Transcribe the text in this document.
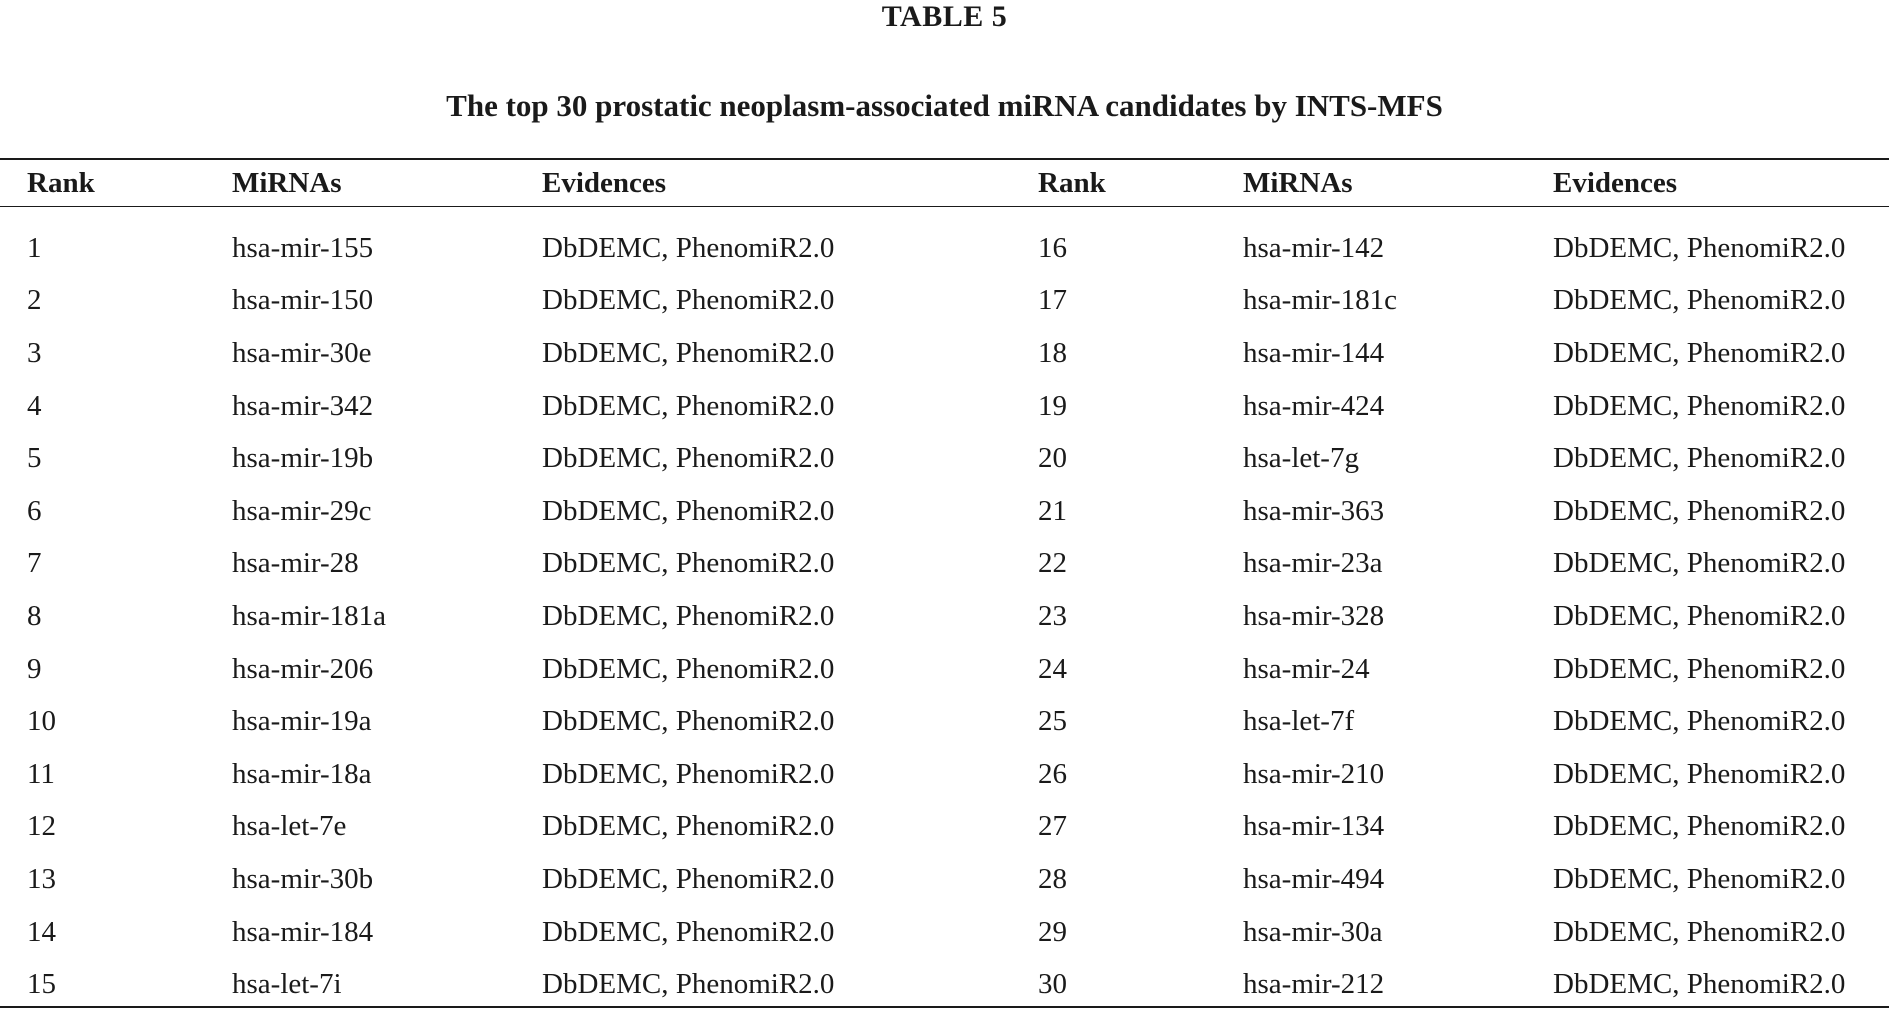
TABLE 5
The top 30 prostatic neoplasm-associated miRNA candidates by INTS-MFS
Rank	MiRNAs	Evidences	Rank	MiRNAs	Evidences

1	hsa-mir-155	DbDEMC, PhenomiR2.0	16	hsa-mir-142	DbDEMC, PhenomiR2.0
2	hsa-mir-150	DbDEMC, PhenomiR2.0	17	hsa-mir-181c	DbDEMC, PhenomiR2.0
3	hsa-mir-30e	DbDEMC, PhenomiR2.0	18	hsa-mir-144	DbDEMC, PhenomiR2.0
4	hsa-mir-342	DbDEMC, PhenomiR2.0	19	hsa-mir-424	DbDEMC, PhenomiR2.0
5	hsa-mir-19b	DbDEMC, PhenomiR2.0	20	hsa-let-7g	DbDEMC, PhenomiR2.0
6	hsa-mir-29c	DbDEMC, PhenomiR2.0	21	hsa-mir-363	DbDEMC, PhenomiR2.0
7	hsa-mir-28	DbDEMC, PhenomiR2.0	22	hsa-mir-23a	DbDEMC, PhenomiR2.0
8	hsa-mir-181a	DbDEMC, PhenomiR2.0	23	hsa-mir-328	DbDEMC, PhenomiR2.0
9	hsa-mir-206	DbDEMC, PhenomiR2.0	24	hsa-mir-24	DbDEMC, PhenomiR2.0
10	hsa-mir-19a	DbDEMC, PhenomiR2.0	25	hsa-let-7f	DbDEMC, PhenomiR2.0
11	hsa-mir-18a	DbDEMC, PhenomiR2.0	26	hsa-mir-210	DbDEMC, PhenomiR2.0
12	hsa-let-7e	DbDEMC, PhenomiR2.0	27	hsa-mir-134	DbDEMC, PhenomiR2.0
13	hsa-mir-30b	DbDEMC, PhenomiR2.0	28	hsa-mir-494	DbDEMC, PhenomiR2.0
14	hsa-mir-184	DbDEMC, PhenomiR2.0	29	hsa-mir-30a	DbDEMC, PhenomiR2.0
15	hsa-let-7i	DbDEMC, PhenomiR2.0	30	hsa-mir-212	DbDEMC, PhenomiR2.0
